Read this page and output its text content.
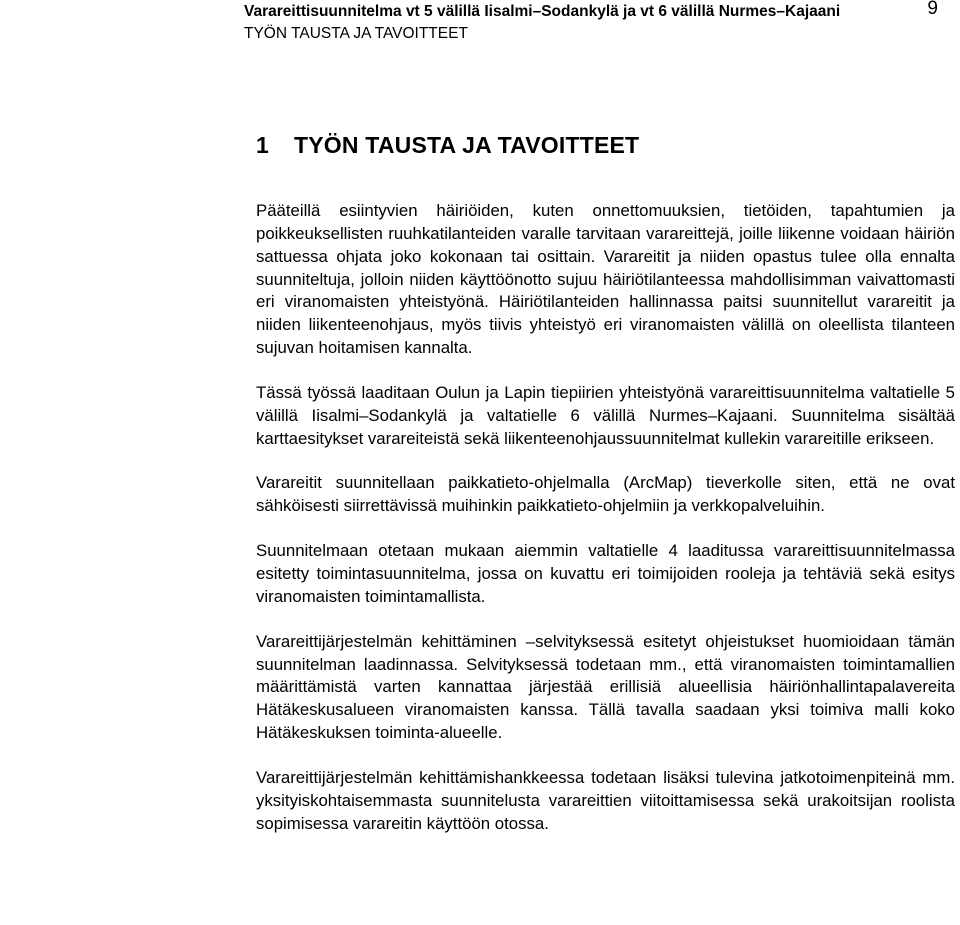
Varareittisuunnitelma vt 5 välillä Iisalmi–Sodankylä ja vt 6 välillä Nurmes–Kajaani
TYÖN TAUSTA JA TAVOITTEET
9
1 TYÖN TAUSTA JA TAVOITTEET

Pääteillä esiintyvien häiriöiden, kuten onnettomuuksien, tietöiden, tapahtumien ja poikkeuksellisten ruuhkatilanteiden varalle tarvitaan varareittejä, joille liikenne voidaan häiriön sattuessa ohjata joko kokonaan tai osittain. Varareitit ja niiden opastus tulee olla ennalta suunniteltuja, jolloin niiden käyttöönotto sujuu häiriötilanteessa mahdollisimman vaivattomasti eri viranomaisten yhteistyönä. Häiriötilanteiden hallinnassa paitsi suunnitellut varareitit ja niiden liikenteenohjaus, myös tiivis yhteistyö eri viranomaisten välillä on oleellista tilanteen sujuvan hoitamisen kannalta.

Tässä työssä laaditaan Oulun ja Lapin tiepiirien yhteistyönä varareittisuunnitelma valtatielle 5 välillä Iisalmi–Sodankylä ja valtatielle 6 välillä Nurmes–Kajaani. Suunnitelma sisältää karttaesitykset varareiteistä sekä liikenteenohjaussuunnitelmat kullekin varareitille erikseen.

Varareitit suunnitellaan paikkatieto-ohjelmalla (ArcMap) tieverkolle siten, että ne ovat sähköisesti siirrettävissä muihinkin paikkatieto-ohjelmiin ja verkkopalveluihin.

Suunnitelmaan otetaan mukaan aiemmin valtatielle 4 laaditussa varareittisuunnitelmassa esitetty toimintasuunnitelma, jossa on kuvattu eri toimijoiden rooleja ja tehtäviä sekä esitys viranomaisten toimintamallista.

Varareittijärjestelmän kehittäminen –selvityksessä esitetyt ohjeistukset huomioidaan tämän suunnitelman laadinnassa. Selvityksessä todetaan mm., että viranomaisten toimintamallien määrittämistä varten kannattaa järjestää erillisiä alueellisia häiriönhallintapalavereita Hätäkeskusalueen viranomaisten kanssa. Tällä tavalla saadaan yksi toimiva malli koko Hätäkeskuksen toiminta-alueelle.

Varareittijärjestelmän kehittämishankkeessa todetaan lisäksi tulevina jatkotoimenpiteinä mm. yksityiskohtaisemmasta suunnitelusta varareittien viitoittamisessa sekä urakoitsijan roolista sopimisessa varareitin käyttöön otossa.
